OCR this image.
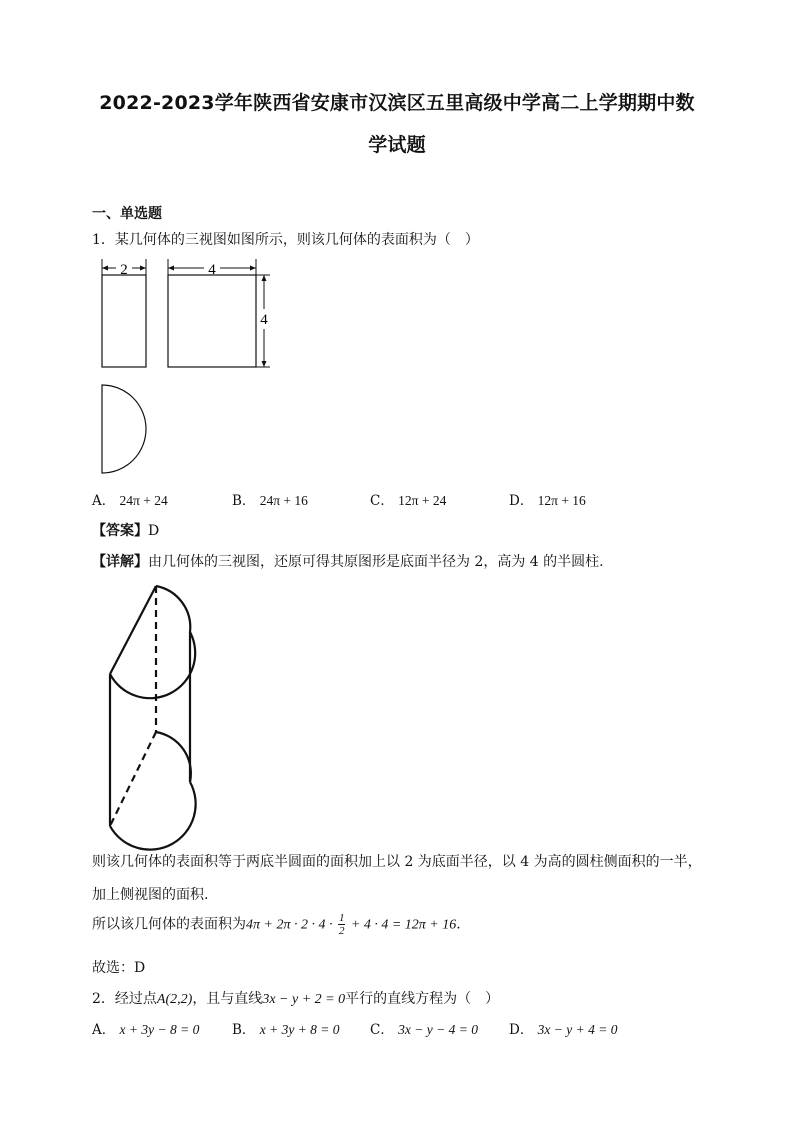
2022-2023学年陕西省安康市汉滨区五里高级中学高二上学期期中数
学试题
一、单选题
1．某几何体的三视图如图所示，则该几何体的表面积为（　）
2	4
4
A． 24π + 24	B． 24π + 16	C． 12π + 24	D． 12π + 16
【答案】D
【详解】由几何体的三视图，还原可得其原图形是底面半径为 2，高为 4 的半圆柱.
则该几何体的表面积等于两底半圆面的面积加上以 2 为底面半径，以 4 为高的圆柱侧面积的一半，
加上侧视图的面积.
所以该几何体的表面积为$4\pi + 2\pi \cdot 2 \cdot 4 \cdot \frac{1}{2} + 4 \cdot 4 = 12\pi + 16$.
故选：D
2．经过点A(2,2)，且与直线3x − y + 2 = 0平行的直线方程为（　）
A． x + 3y − 8 = 0 B． x + 3y + 8 = 0 C． 3x − y − 4 = 0 D． 3x − y + 4 = 0
